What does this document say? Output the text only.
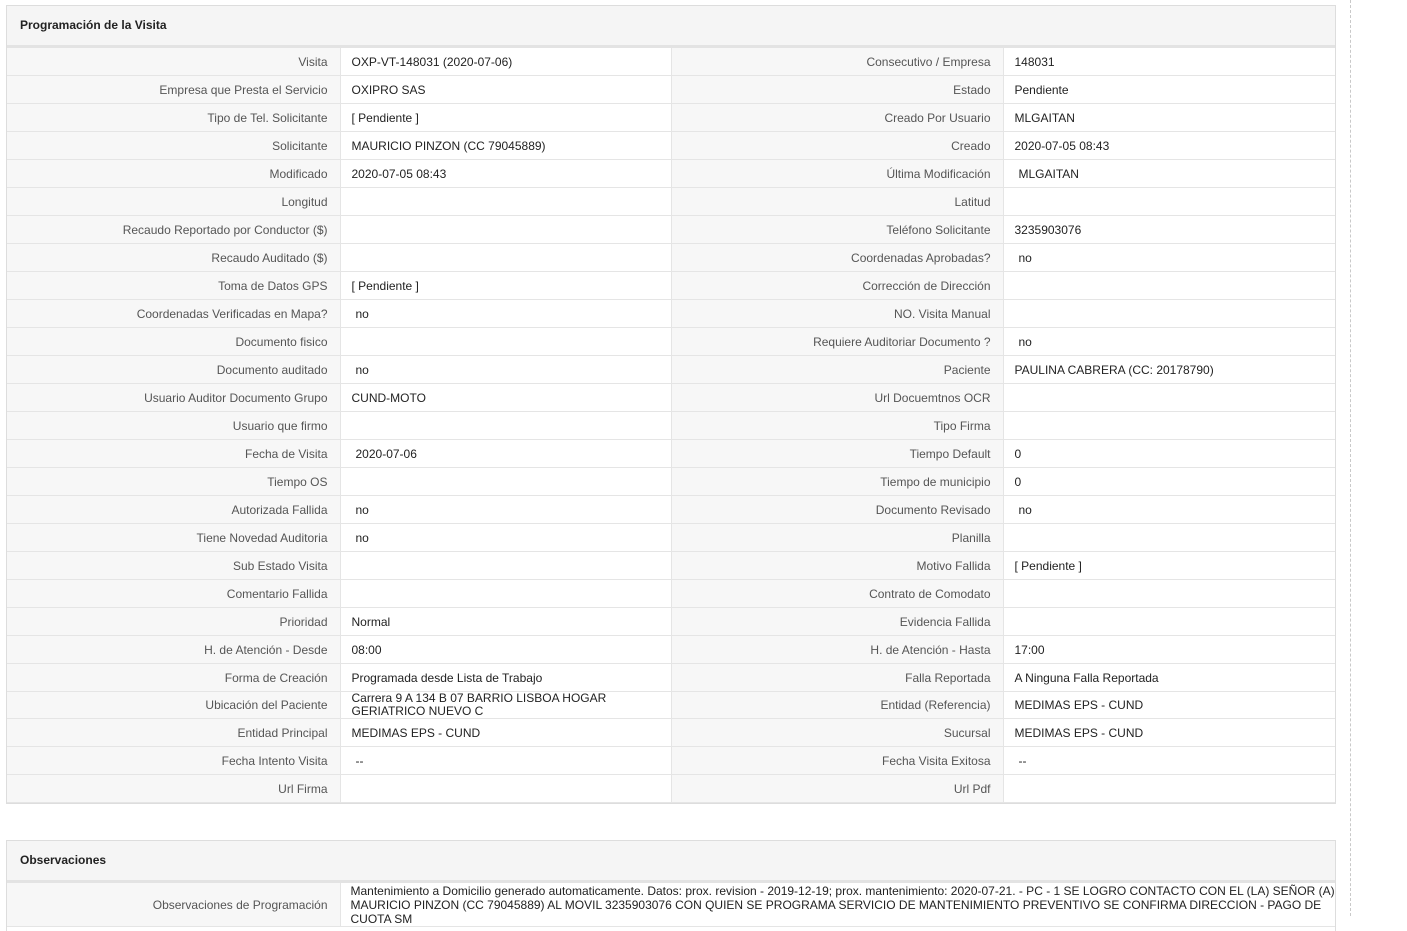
Programación de la Visita
Visita	OXP-VT-148031 (2020-07-06)	Consecutivo / Empresa	148031
Empresa que Presta el Servicio	OXIPRO SAS	Estado	Pendiente
Tipo de Tel. Solicitante	[ Pendiente ]	Creado Por Usuario	MLGAITAN
Solicitante	MAURICIO PINZON (CC 79045889)	Creado	2020-07-05 08:43
Modificado	2020-07-05 08:43	Última Modificación	MLGAITAN
Longitud		Latitud	
Recaudo Reportado por Conductor ($)		Teléfono Solicitante	3235903076
Recaudo Auditado ($)		Coordenadas Aprobadas?	no
Toma de Datos GPS	[ Pendiente ]	Corrección de Dirección	
Coordenadas Verificadas en Mapa?	no	NO. Visita Manual	
Documento fisico		Requiere Auditoriar Documento ?	no
Documento auditado	no	Paciente	PAULINA CABRERA (CC: 20178790)
Usuario Auditor Documento Grupo	CUND-MOTO	Url Docuemtnos OCR	
Usuario que firmo		Tipo Firma	
Fecha de Visita	2020-07-06	Tiempo Default	0
Tiempo OS		Tiempo de municipio	0
Autorizada Fallida	no	Documento Revisado	no
Tiene Novedad Auditoria	no	Planilla	
Sub Estado Visita		Motivo Fallida	[ Pendiente ]
Comentario Fallida		Contrato de Comodato	
Prioridad	Normal	Evidencia Fallida	
H. de Atención - Desde	08:00	H. de Atención - Hasta	17:00
Forma de Creación	Programada desde Lista de Trabajo	Falla Reportada	A Ninguna Falla Reportada
Ubicación del Paciente	Carrera 9 A 134 B 07 BARRIO LISBOA HOGAR GERIATRICO NUEVO C	Entidad (Referencia)	MEDIMAS EPS - CUND
Entidad Principal	MEDIMAS EPS - CUND	Sucursal	MEDIMAS EPS - CUND
Fecha Intento Visita	--	Fecha Visita Exitosa	--
Url Firma		Url Pdf	
Observaciones
Observaciones de Programación	Mantenimiento a Domicilio generado automaticamente. Datos: prox. revision - 2019-12-19; prox. mantenimiento: 2020-07-21. - PC - 1 SE LOGRO CONTACTO CON EL (LA) SEÑOR (A) MAURICIO PINZON (CC 79045889) AL MOVIL 3235903076 CON QUIEN SE PROGRAMA SERVICIO DE MANTENIMIENTO PREVENTIVO SE CONFIRMA DIRECCION - PAGO DE CUOTA SM
